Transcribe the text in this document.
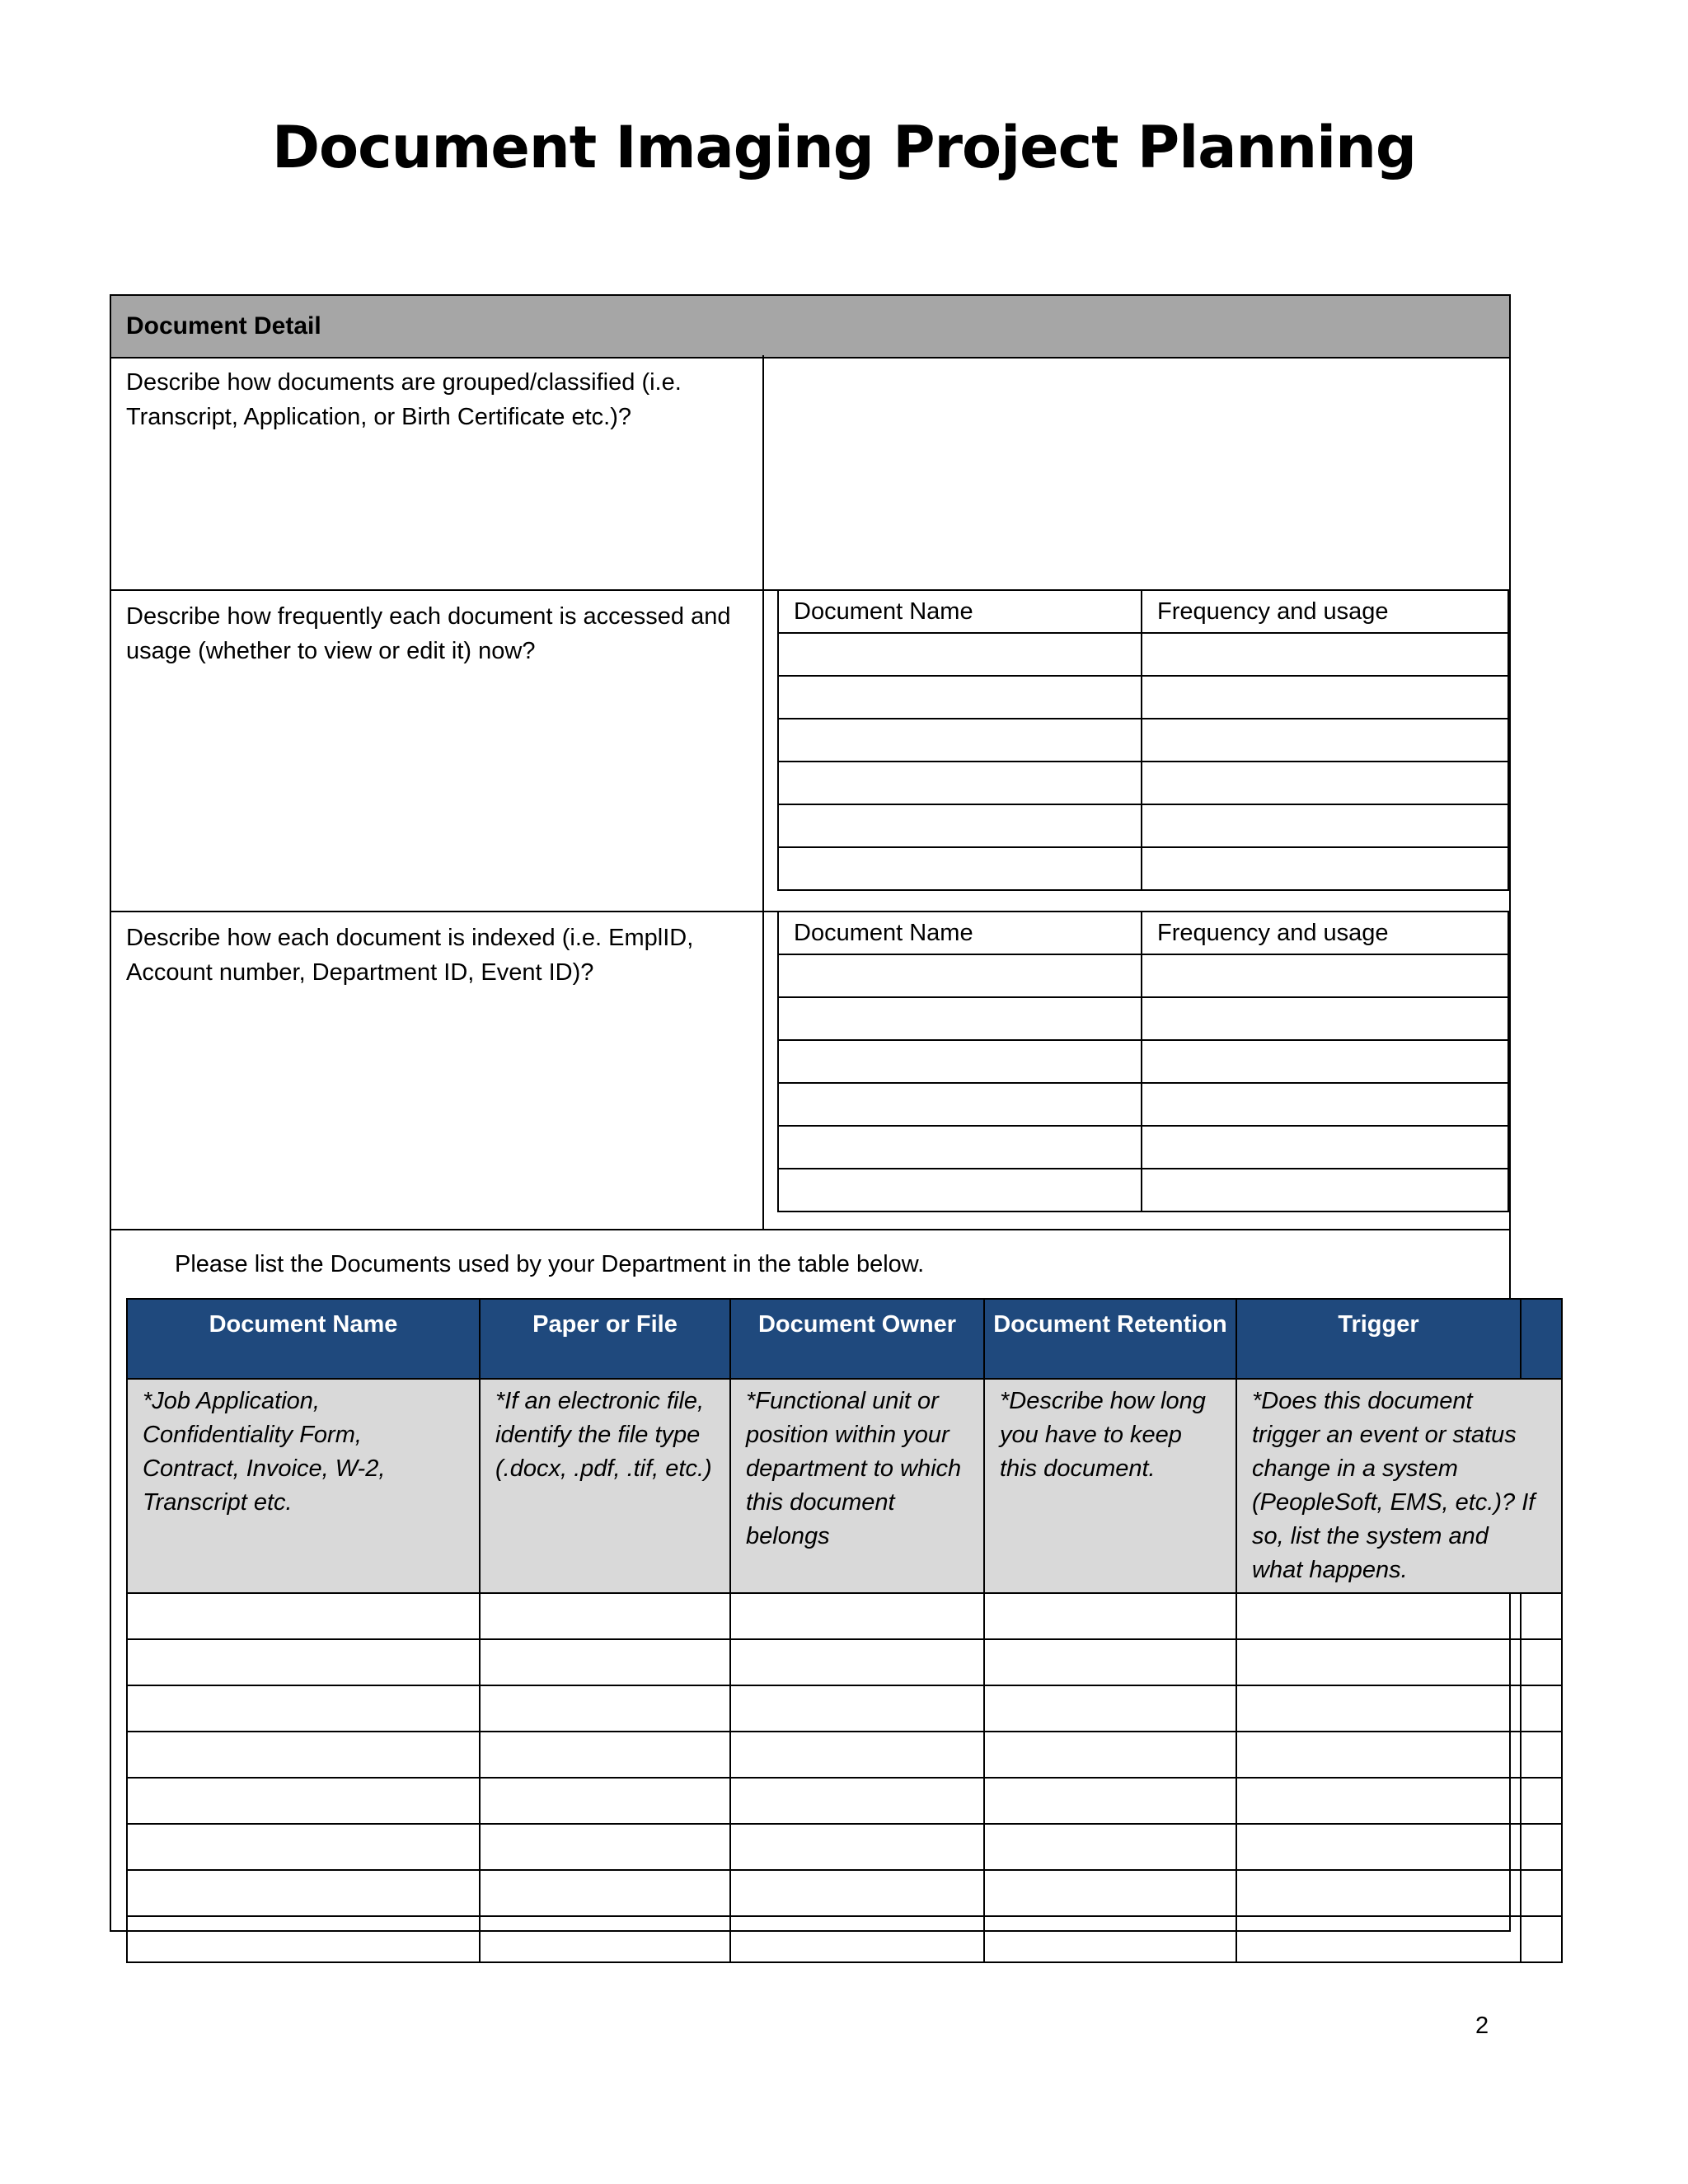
Document Imaging Project Planning
Document Detail
Describe how documents are grouped/classified (i.e. Transcript, Application, or Birth Certificate etc.)?
Describe how frequently each document is accessed and usage (whether to view or edit it) now?
Document Name	Frequency and usage

Describe how each document is indexed (i.e. EmplID, Account number, Department ID, Event ID)?
Document Name	Frequency and usage

Please list the Documents used by your Department in the table below.
Document Name	Paper or File	Document Owner	Document Retention	Trigger	
*Job Application, Confidentiality Form, Contract, Invoice, W-2, Transcript etc.	*If an electronic file, identify the file type (.docx, .pdf, .tif, etc.)	*Functional unit or position within your department to which this document belongs	*Describe how long you have to keep this document.	*Does this document trigger an event or status change in a system (PeopleSoft, EMS, etc.)? If so, list the system and what happens.	

2
